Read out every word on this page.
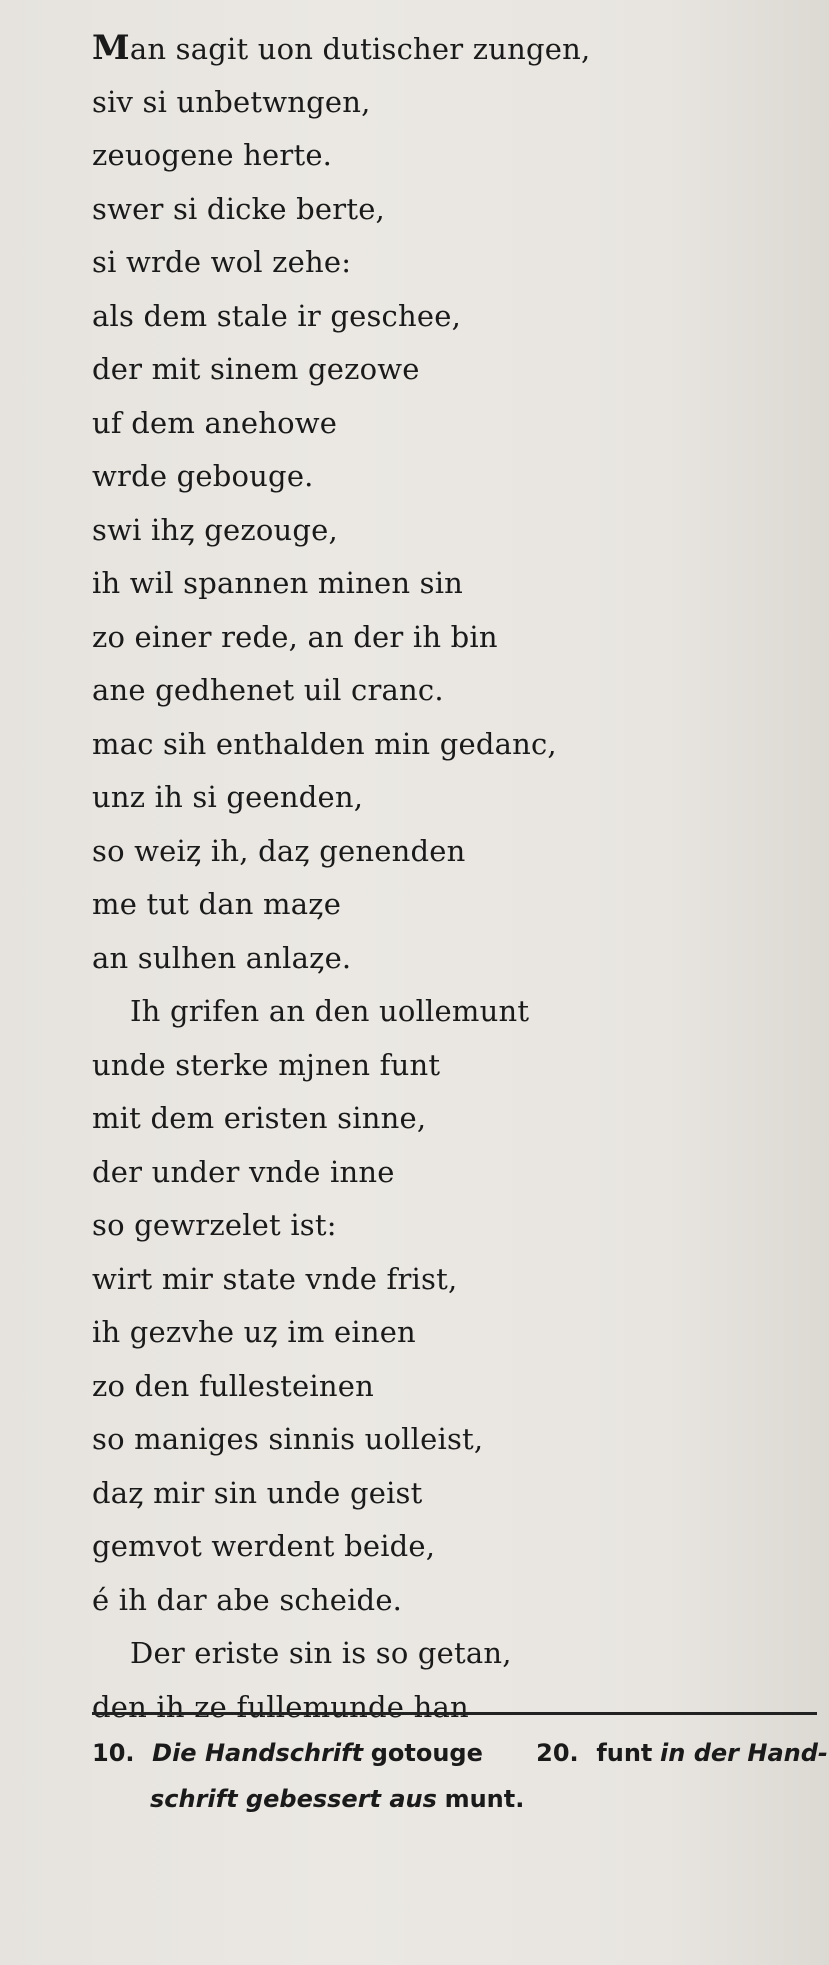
Man sagit uon dutischer zungen,
siv si unbetwngen,
zeuogene herte.
swer si dicke berte,
si wrde wol zehe:
als dem stale ir geschee,
der mit sinem gezowe
uf dem anehowe
wrde gebouge.
swi ihȥ gezouge,
ih wil spannen minen sin
zo einer rede, an der ih bin
ane gedhenet uil cranc.
mac sih enthalden min gedanc,
unz ih si geenden,
so weiȥ ih, daȥ genenden
me tut dan maȥe
an sulhen anlaȥe.
Ih grifen an den uollemunt
unde sterke mjnen funt
mit dem eristen sinne,
der under vnde inne
so gewrzelet ist:
wirt mir state vnde frist,
ih gezvhe uȥ im einen
zo den fullesteinen
so maniges sinnis uolleist,
daȥ mir sin unde geist
gemvot werdent beide,
é ih dar abe scheide.
Der eriste sin is so getan,
den ih ze fullemunde han
10. Die Handschrift gotouge 20. funt in der Hand-
schrift gebessert aus munt.
